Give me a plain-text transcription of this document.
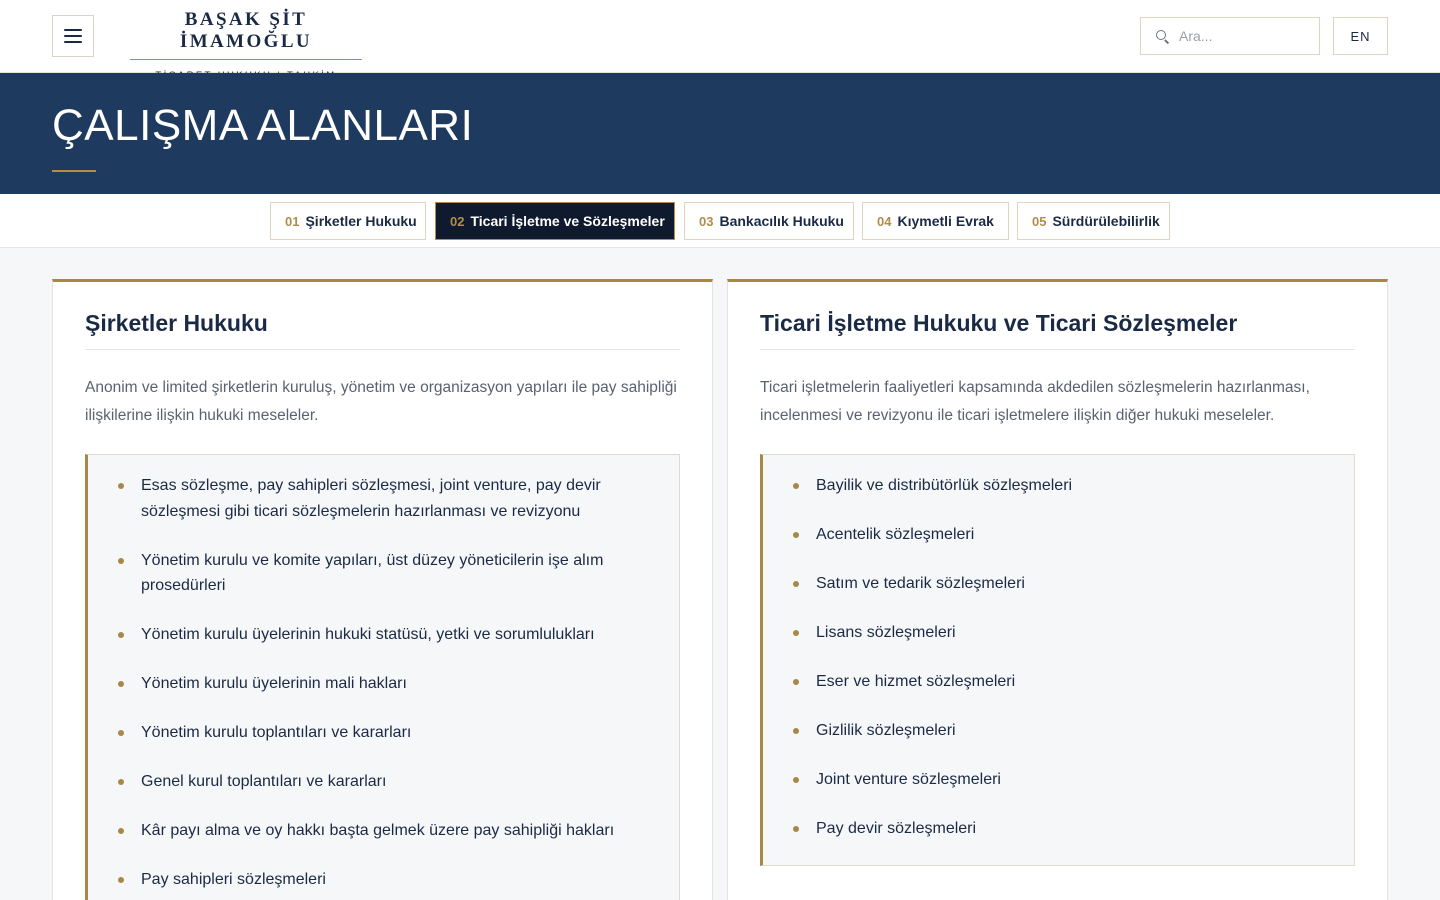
BAŞAK ŞİT İMAMOĞLU
Ara...	EN
ÇALIŞMA ALANLARI
01 Şirketler Hukuku	02 Ticari İşletme ve Sözleşmeler	03 Bankacılık Hukuku	04 Kıymetli Evrak	05 Sürdürülebilirlik
Şirketler Hukuku

Anonim ve limited şirketlerin kuruluş, yönetim ve organizasyon yapıları ile pay sahipliği ilişkilerine ilişkin hukuki meseleler.

Esas sözleşme, pay sahipleri sözleşmesi, joint venture, pay devir sözleşmesi gibi ticari sözleşmelerin hazırlanması ve revizyonu
Yönetim kurulu ve komite yapıları, üst düzey yöneticilerin işe alım prosedürleri
Yönetim kurulu üyelerinin hukuki statüsü, yetki ve sorumlulukları
Yönetim kurulu üyelerinin mali hakları
Yönetim kurulu toplantıları ve kararları
Genel kurul toplantıları ve kararları
Kâr payı alma ve oy hakkı başta gelmek üzere pay sahipliği hakları
Pay sahipleri sözleşmeleri
Ticari İşletme Hukuku ve Ticari Sözleşmeler

Ticari işletmelerin faaliyetleri kapsamında akdedilen sözleşmelerin hazırlanması, incelenmesi ve revizyonu ile ticari işletmelere ilişkin diğer hukuki meseleler.

Bayilik ve distribütörlük sözleşmeleri
Acentelik sözleşmeleri
Satım ve tedarik sözleşmeleri
Lisans sözleşmeleri
Eser ve hizmet sözleşmeleri
Gizlilik sözleşmeleri
Joint venture sözleşmeleri
Pay devir sözleşmeleri
